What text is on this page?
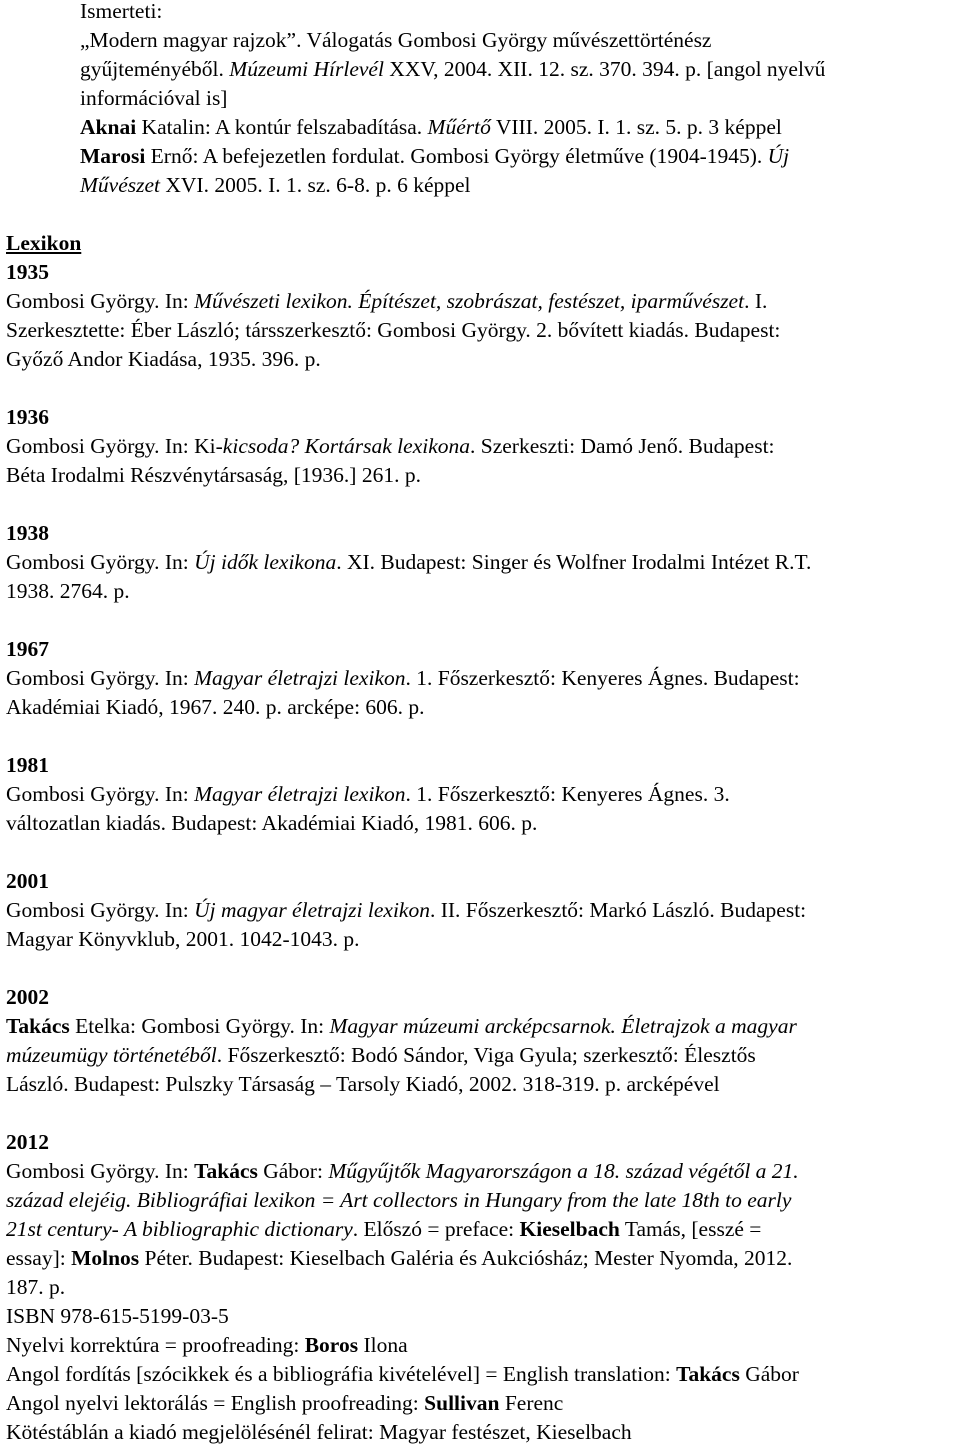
Ismerteti:
„Modern magyar rajzok”. Válogatás Gombosi György művészettörténész
gyűjteményéből. Múzeumi Hírlevél XXV, 2004. XII. 12. sz. 370. 394. p. [angol nyelvű
információval is]
Aknai Katalin: A kontúr felszabadítása. Műértő VIII. 2005. I. 1. sz. 5. p. 3 képpel
Marosi Ernő: A befejezetlen fordulat. Gombosi György életműve (1904-1945). Új
Művészet XVI. 2005. I. 1. sz. 6-8. p. 6 képpel
Lexikon
1935
Gombosi György. In: Művészeti lexikon. Építészet, szobrászat, festészet, iparművészet. I.
Szerkesztette: Éber László; társszerkesztő: Gombosi György. 2. bővített kiadás. Budapest:
Győző Andor Kiadása, 1935. 396. p.
1936
Gombosi György. In: Ki-kicsoda? Kortársak lexikona. Szerkeszti: Damó Jenő. Budapest:
Béta Irodalmi Részvénytársaság, [1936.] 261. p.
1938
Gombosi György. In: Új idők lexikona. XI. Budapest: Singer és Wolfner Irodalmi Intézet R.T.
1938. 2764. p.
1967
Gombosi György. In: Magyar életrajzi lexikon. 1. Főszerkesztő: Kenyeres Ágnes. Budapest:
Akadémiai Kiadó, 1967. 240. p. arcképe: 606. p.
1981
Gombosi György. In: Magyar életrajzi lexikon. 1. Főszerkesztő: Kenyeres Ágnes. 3.
változatlan kiadás. Budapest: Akadémiai Kiadó, 1981. 606. p.
2001
Gombosi György. In: Új magyar életrajzi lexikon. II. Főszerkesztő: Markó László. Budapest:
Magyar Könyvklub, 2001. 1042-1043. p.
2002
Takács Etelka: Gombosi György. In: Magyar múzeumi arcképcsarnok. Életrajzok a magyar
múzeumügy történetéből. Főszerkesztő: Bodó Sándor, Viga Gyula; szerkesztő: Élesztős
László. Budapest: Pulszky Társaság – Tarsoly Kiadó, 2002. 318-319. p. arcképével
2012
Gombosi György. In: Takács Gábor: Műgyűjtők Magyarországon a 18. század végétől a 21.
század elejéig. Bibliográfiai lexikon = Art collectors in Hungary from the late 18th to early
21st century- A bibliographic dictionary. Előszó = preface: Kieselbach Tamás, [esszé =
essay]: Molnos Péter. Budapest: Kieselbach Galéria és Aukciósház; Mester Nyomda, 2012.
187. p.
ISBN 978-615-5199-03-5
Nyelvi korrektúra = proofreading: Boros Ilona
Angol fordítás [szócikkek és a bibliográfia kivételével] = English translation: Takács Gábor
Angol nyelvi lektorálás = English proofreading: Sullivan Ferenc
Kötéstáblán a kiadó megjelölésénél felirat: Magyar festészet, Kieselbach
